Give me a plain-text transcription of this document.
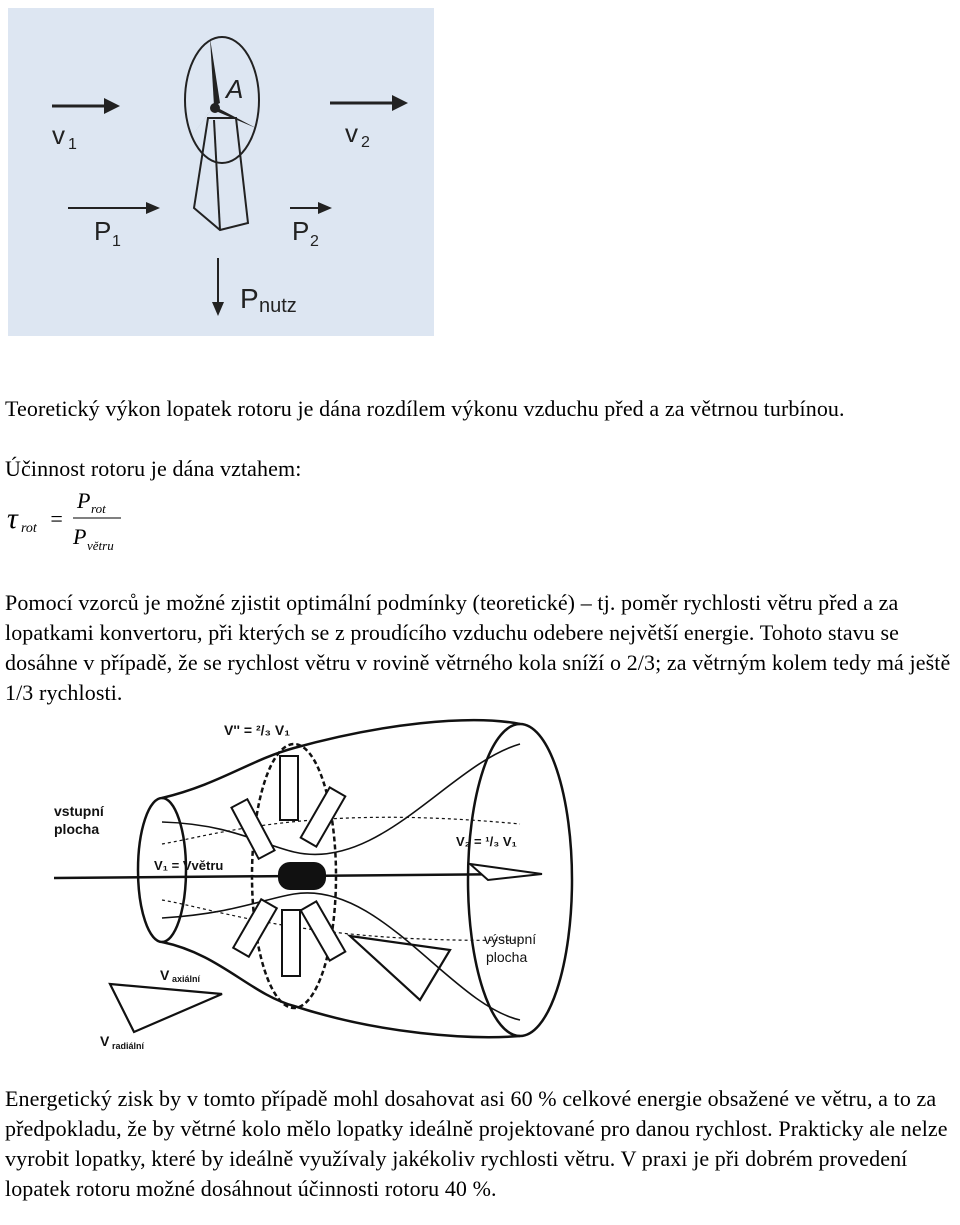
A
v 1	v 2
P 1	P 2
P nutz

Teoretický výkon lopatek rotoru je dána rozdílem výkonu vzduchu před a za větrnou turbínou.

Účinnost rotoru je dána vztahem:

τ rot =
P rot
P větru

Pomocí vzorců je možné zjistit optimální podmínky (teoretické) – tj. poměr rychlosti větru před a za lopatkami konvertoru, při kterých se z proudícího vzduchu odebere největší energie. Tohoto stavu se dosáhne v případě, že se rychlost větru v rovině větrného kola sníží o 2/3; za větrným kolem tedy má ještě 1/3 rychlosti.

V'' = ²/₃ V₁
vstupní
plocha
V₁ = Vvětru
V₂ = ¹/₃ V₁
výstupní
plocha
V axiální
V radiální

Energetický zisk by v tomto případě mohl dosahovat asi 60 % celkové energie obsažené ve větru, a to za předpokladu, že by větrné kolo mělo lopatky ideálně projektované pro danou rychlost. Prakticky ale nelze vyrobit lopatky, které by ideálně využívaly jakékoliv rychlosti větru. V praxi je při dobrém provedení lopatek rotoru možné dosáhnout účinnosti rotoru 40 %.
